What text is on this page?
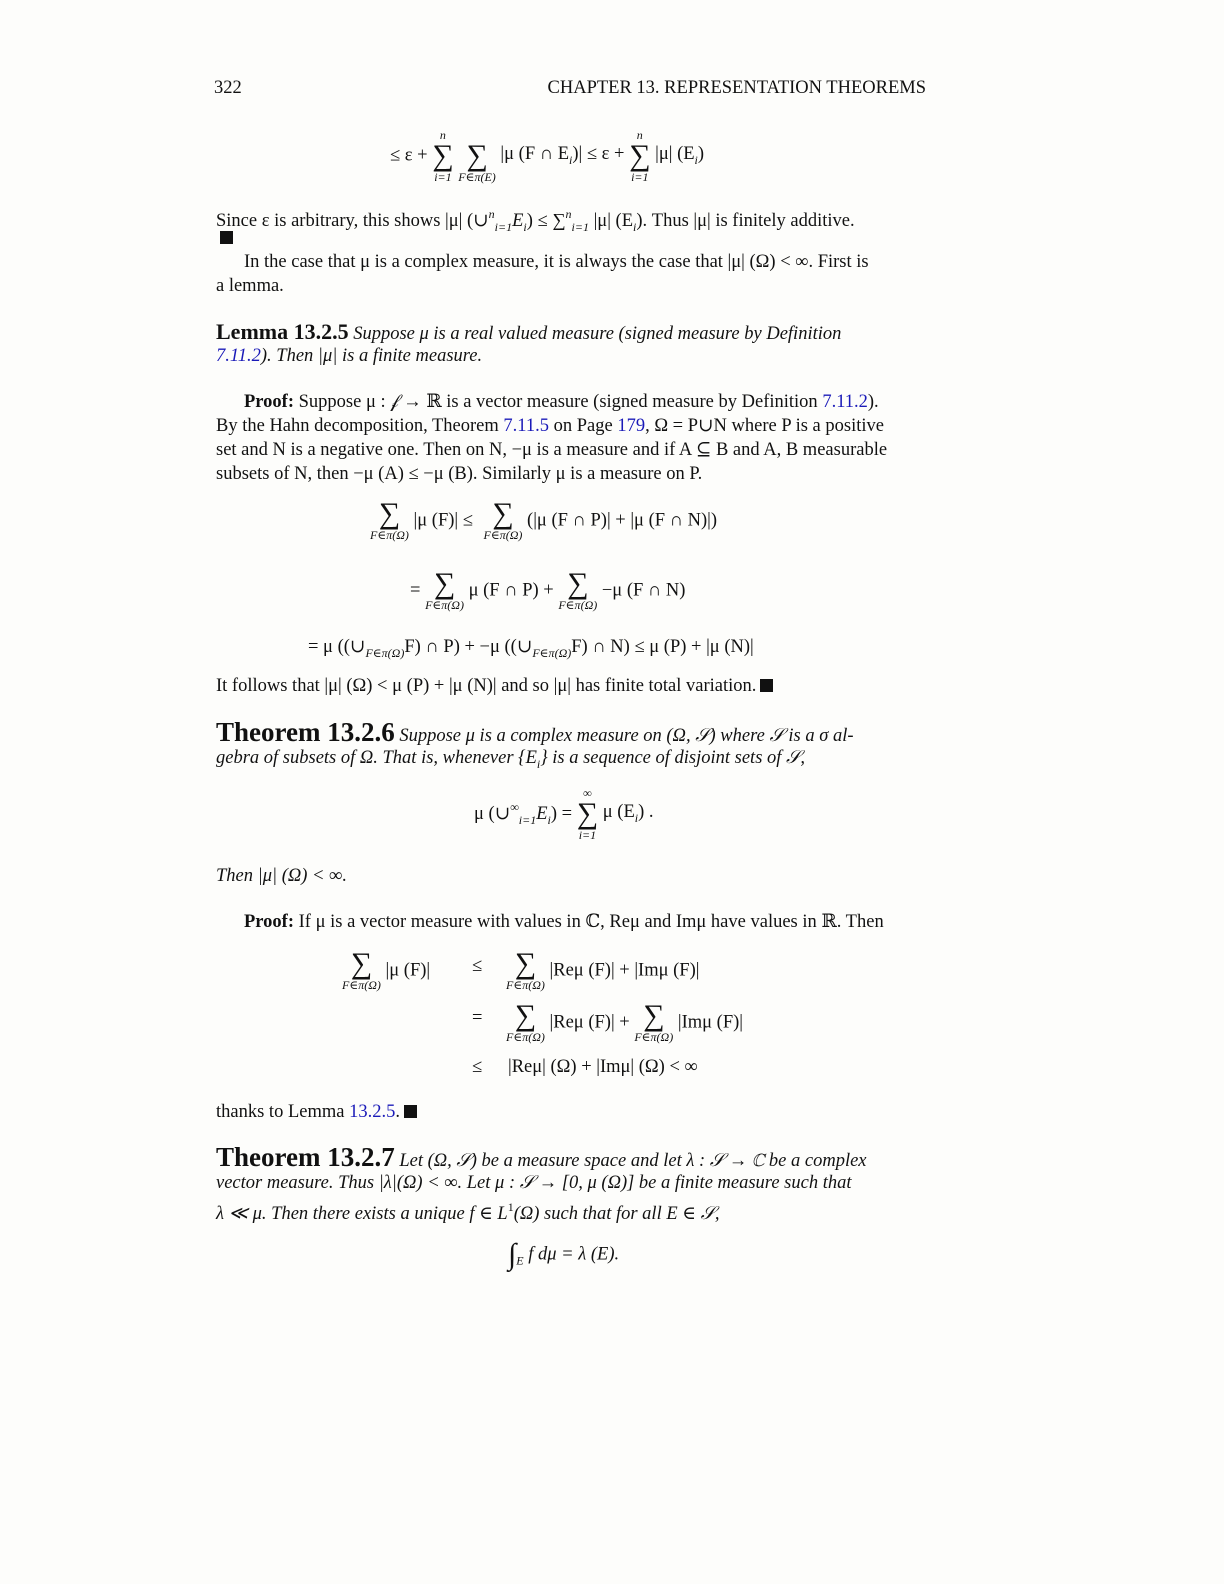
322	CHAPTER 13. REPRESENTATION THEOREMS
≤ ε +
n
∑
i=1

∑
F∈π(E)
|μ (F ∩ $E_i)| \le \varepsilon$ +
n
∑
i=1
|μ| $(E_i)$
Since ε is arbitrary, this shows |μ| $(\cup^n_{i=1}E_i) \le \sum^n_{i=1}$ |μ| $(E_i)$. Thus |μ| is finitely additive.
In the case that μ is a complex measure, it is always the case that |μ| (Ω) < ∞. First is
a lemma.
Lemma 13.2.5 Suppose μ is a real valued measure (signed measure by Definition
7.11.2). Then |μ| is a finite measure.
Proof: Suppose μ : 𝒻 → ℝ is a vector measure (signed measure by Definition 7.11.2).
By the Hahn decomposition, Theorem 7.11.5 on Page 179, Ω = P∪N where P is a positive
set and N is a negative one. Then on N, −μ is a measure and if A ⊆ B and A, B measurable
subsets of N, then −μ (A) ≤ −μ (B). Similarly μ is a measure on P.
∑
F∈π(Ω)
|μ (F)| ≤ ∑
F∈π(Ω)
(|μ (F ∩ P)| + |μ (F ∩ N)|)
= ∑
F∈π(Ω)
μ (F ∩ P) + ∑
F∈π(Ω)
−μ (F ∩ N)
= μ ($(\cup_{F\in\pi(\Omega)}F)$ ∩ P) + −μ ($(\cup_{F\in\pi(\Omega)}F)$ ∩ N) ≤ μ (P) + |μ (N)|
It follows that |μ| (Ω) < μ (P) + |μ (N)| and so |μ| has finite total variation.
Theorem 13.2.6 Suppose μ is a complex measure on (Ω, 𝒮) where 𝒮 is a σ al-
gebra of subsets of Ω. That is, whenever $\{E_i\}$ is a sequence of disjoint sets of 𝒮,
μ $(\cup^\infty_{i=1}E_i)$ =
∞
∑
i=1
μ $(E_i)$ .
Then |μ| (Ω) < ∞.
Proof: If μ is a vector measure with values in ℂ, Reμ and Imμ have values in ℝ. Then
∑
F∈π(Ω)
|μ (F)| ≤ ∑
F∈π(Ω)
|Reμ (F)| + |Imμ (F)|
= ∑
F∈π(Ω)
|Reμ (F)| + ∑
F∈π(Ω)
|Imμ (F)|
≤ |Reμ| (Ω) + |Imμ| (Ω) < ∞
thanks to Lemma 13.2.5.
Theorem 13.2.7 Let (Ω, 𝒮) be a measure space and let λ : 𝒮 → ℂ be a complex
vector measure. Thus |λ|(Ω) < ∞. Let μ : 𝒮 → [0, μ (Ω)] be a finite measure such that
λ ≪ μ. Then there exists a unique f ∈ $L^1(\Omega)$ such that for all E ∈ 𝒮,
$\int_E$ f dμ = λ (E).
